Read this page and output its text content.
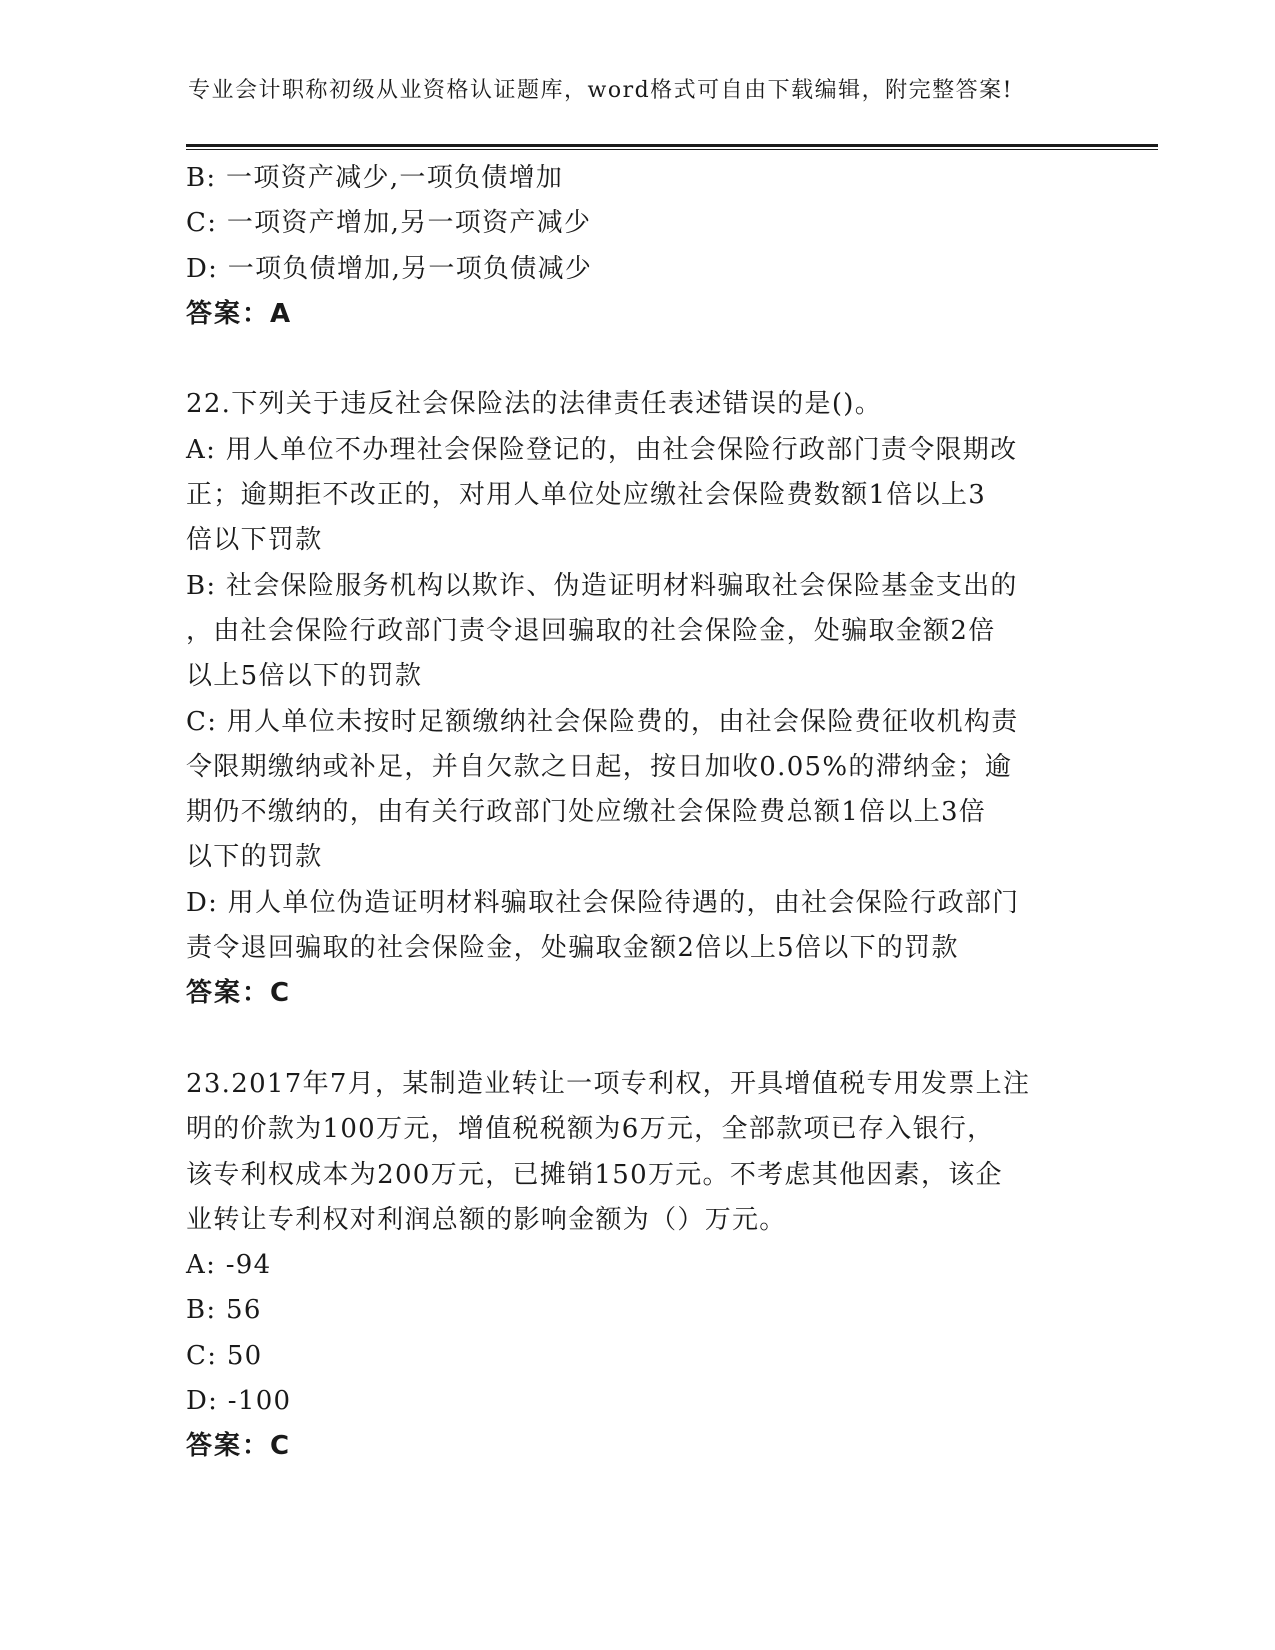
专业会计职称初级从业资格认证题库，word格式可自由下载编辑，附完整答案!
B: 一项资产减少,一项负债增加
C: 一项资产增加,另一项资产减少
D: 一项负债增加,另一项负债减少
答案：A
22.下列关于违反社会保险法的法律责任表述错误的是()。
A: 用人单位不办理社会保险登记的，由社会保险行政部门责令限期改
正；逾期拒不改正的，对用人单位处应缴社会保险费数额1倍以上3
倍以下罚款
B: 社会保险服务机构以欺诈、伪造证明材料骗取社会保险基金支出的
，由社会保险行政部门责令退回骗取的社会保险金，处骗取金额2倍
以上5倍以下的罚款
C: 用人单位未按时足额缴纳社会保险费的，由社会保险费征收机构责
令限期缴纳或补足，并自欠款之日起，按日加收0.05%的滞纳金；逾
期仍不缴纳的，由有关行政部门处应缴社会保险费总额1倍以上3倍
以下的罚款
D: 用人单位伪造证明材料骗取社会保险待遇的，由社会保险行政部门
责令退回骗取的社会保险金，处骗取金额2倍以上5倍以下的罚款
答案：C
23.2017年7月，某制造业转让一项专利权，开具增值税专用发票上注
明的价款为100万元，增值税税额为6万元，全部款项已存入银行，
该专利权成本为200万元，已摊销150万元。不考虑其他因素，该企
业转让专利权对利润总额的影响金额为（）万元。
A: -94
B: 56
C: 50
D: -100
答案：C
